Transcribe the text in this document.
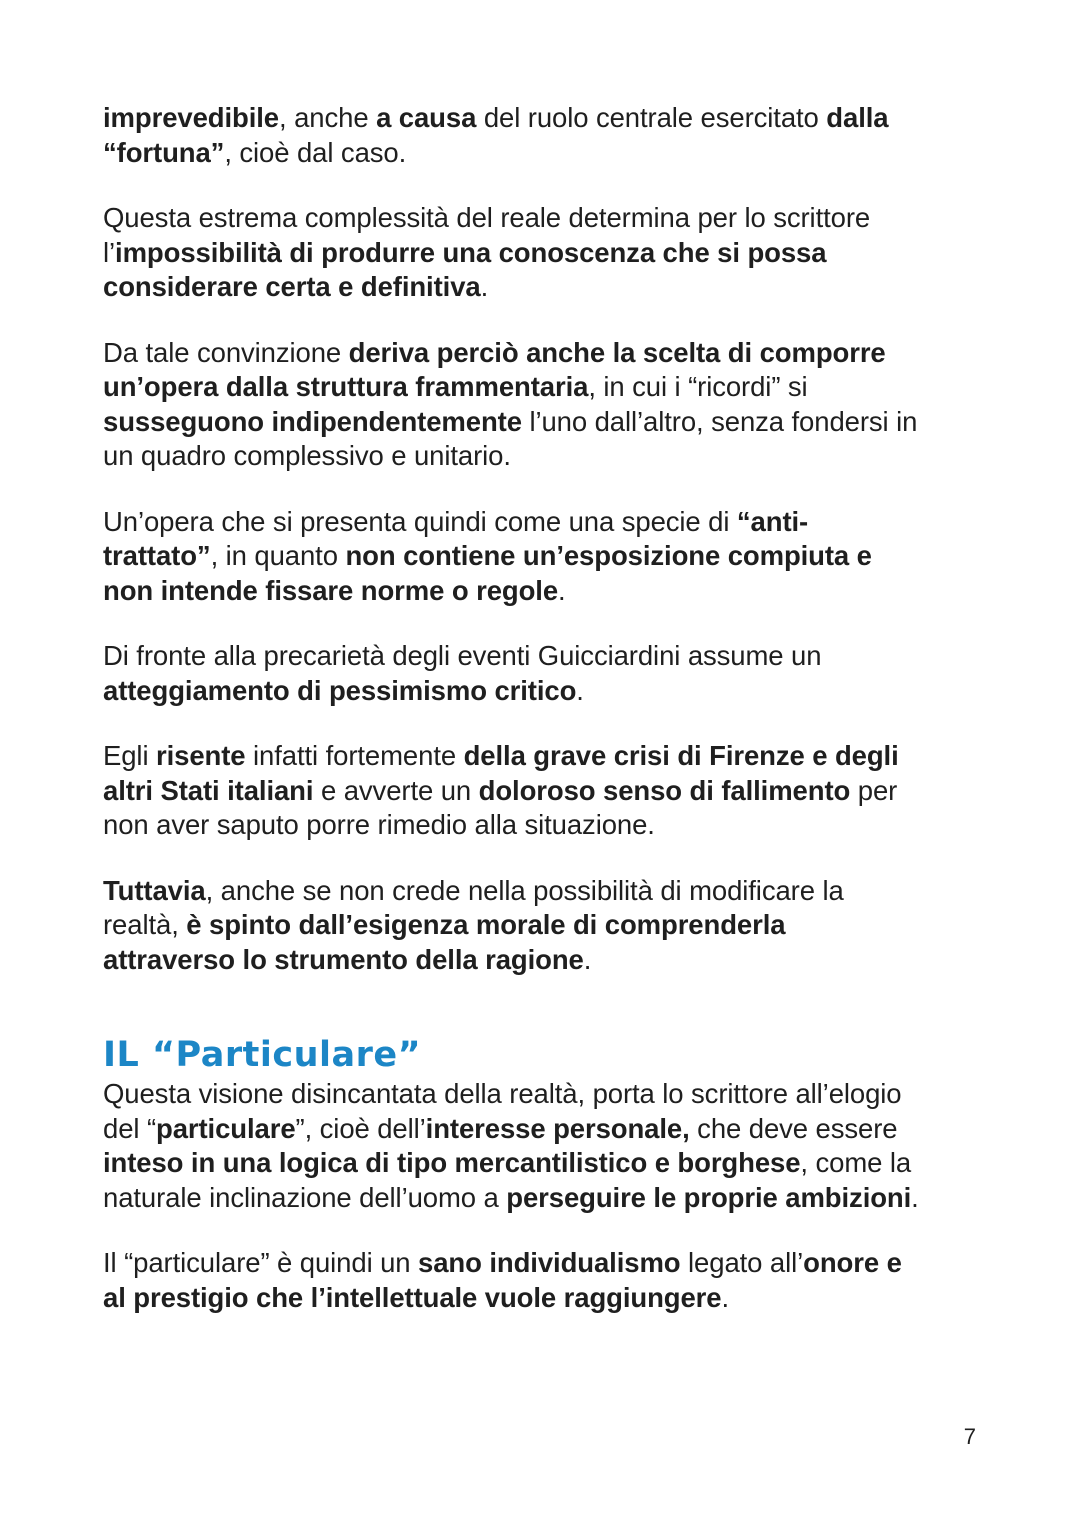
imprevedibile, anche a causa del ruolo centrale esercitato dalla
“fortuna”, cioè dal caso.
Questa estrema complessità del reale determina per lo scrittore
l’impossibilità di produrre una conoscenza che si possa
considerare certa e definitiva.
Da tale convinzione deriva perciò anche la scelta di comporre
un’opera dalla struttura frammentaria, in cui i “ricordi” si
susseguono indipendentemente l’uno dall’altro, senza fondersi in
un quadro complessivo e unitario.
Un’opera che si presenta quindi come una specie di “anti-
trattato”, in quanto non contiene un’esposizione compiuta e
non intende fissare norme o regole.
Di fronte alla precarietà degli eventi Guicciardini assume un
atteggiamento di pessimismo critico.
Egli risente infatti fortemente della grave crisi di Firenze e degli
altri Stati italiani e avverte un doloroso senso di fallimento per
non aver saputo porre rimedio alla situazione.
Tuttavia, anche se non crede nella possibilità di modificare la
realtà, è spinto dall’esigenza morale di comprenderla
attraverso lo strumento della ragione.
IL “Particulare”
Questa visione disincantata della realtà, porta lo scrittore all’elogio
del “particulare”, cioè dell’interesse personale, che deve essere
inteso in una logica di tipo mercantilistico e borghese, come la
naturale inclinazione dell’uomo a perseguire le proprie ambizioni.
Il “particulare” è quindi un sano individualismo legato all’onore e
al prestigio che l’intellettuale vuole raggiungere.
7
